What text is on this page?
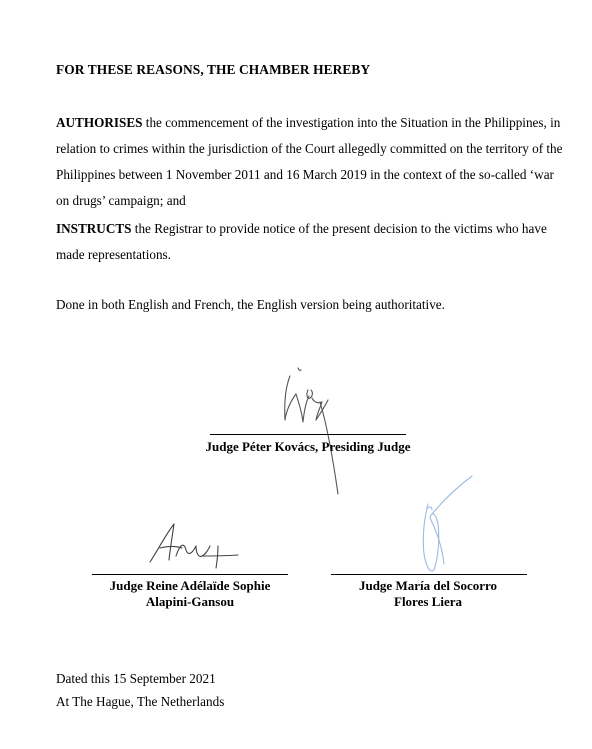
FOR THESE REASONS, THE CHAMBER HEREBY
AUTHORISES the commencement of the investigation into the Situation in the Philippines, in relation to crimes within the jurisdiction of the Court allegedly committed on the territory of the Philippines between 1 November 2011 and 16 March 2019 in the context of the so-called ‘war on drugs’ campaign; and
INSTRUCTS the Registrar to provide notice of the present decision to the victims who have made representations.
Done in both English and French, the English version being authoritative.
Judge Péter Kovács, Presiding Judge
Judge Reine Adélaïde Sophie
Alapini-Gansou
Judge María del Socorro
Flores Liera
Dated this 15 September 2021
At The Hague, The Netherlands
